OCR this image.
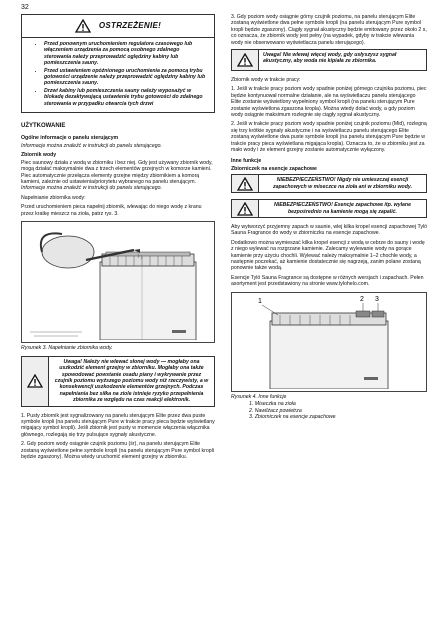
32
OSTRZEŻENIE!
• Przed ponownym uruchomieniem regulatora czasowego lub włączeniem urządzenia za pomocą osobnego zdalnego sterowania należy przeprowadzić oględziny kabiny lub pomieszczenia sauny.
• Przed ustawieniem opóźnionego uruchomienia za pomocą trybu gotowości urządzenie należy przeprowadzić oględziny kabiny lub pomieszczenia sauny.
• Drzwi kabiny lub pomieszczenia sauny należy wyposażyć w blokadę dezaktywującą ustawienie trybu gotowości do zdalnego sterowania w przypadku otwarcia tych drzwi
UŻYTKOWANIE
Ogólne informacje o panelu sterującym

Informacje można znaleźć w instrukcji do panelu sterującego.

Zbiornik wody

Piec saunowy działa z wodą w zbiorniku i bez niej. Gdy jest używany zbiornik wody, mogą działać maksymalnie dwa z trzech elementów grzejnych w komorze kamieni. Piec automatycznie przełącza elementy grzejne między zbiornikiem a komorą kamieni, zależnie od ustawienia/priorytetu wybranego na panelu sterującym. Informacje można znaleźć w instrukcji do panelu sterującego.

Napełnianie zbiornika wody:

Przed uruchomieniem pieca napełnij zbiornik, wlewając do niego wodę z kranu przez kratkę mieszcz na zioła, patrz rys. 3.

Rysunek 3. Napełnianie zbiornika wody.

Uwaga! Należy nie wlewać słonej wody — mogłaby ona uszkodzić element grzejny w zbiorniku. Mogłaby ona także spowodować powstanie osadu piany i wykrywanie przez czujnik poziomu wyższego poziomu wody niż rzeczywisty, a w konsekwencji uszkodzenie elementów grzejnych. Podczas napełniania bez siłka na ziole istnieje ryzyko przepełnienia zbiornika ze względu na czas reakcji elektronik.

1. Pusty zbiornik jest sygnalizowany na panelu sterującym Elite przez dwa puste symbole kropli (na panelu sterującym Pure w trakcie pracy pieca będzie wyświetlany migający symbol kropli). Jeśli zbiornik jest pusty w momencie włączenia włącznika głównego, rozlegają się trzy pulsujące sygnały akustyczne.

2. Gdy poziom wody osiągnie czujnik poziomu (śr), na panelu sterującym Elite zostaną wyświetlone pełne symbole kropli (na panelu sterującym Pure symbol kropli będzie zgaszony). Można wtedy uruchomić element grzejny w zbiorniku.

3. Gdy poziom wody osiągnie górny czujnik poziomu, na panelu sterującym Elite zostaną wyświetlone dwa pełne symbole kropli (na panelu sterującym Pure symbol kropli będzie zgaszony). Ciągły sygnał akustyczny będzie emitowany przez około 2 s, co oznacza, że zbiornik wody jest pełny (na wypadek, gdyby w trakcie wlewania wody nie obserwowano wyświetlacza panelu sterującego).

Uwaga! Nie wlewaj więcej wody, gdy usłyszysz sygnał akustyczny, aby woda nie kipiała ze zbiornika.

Zbiornik wody w trakcie pracy:

1. Jeśli w trakcie pracy poziom wody spadnie poniżej górnego czujnika poziomu, piec będzie kontynuował normalne działanie, ale na wyświetlaczu panelu sterującego Elite zostanie wyświetlony wypełniony symbol kropli (na panelu sterującym Pure zostanie wyświetlona zgaszona kropla). Można wtedy dolać wody, a gdy poziom wody osiągnie maksimum rozlegnie się ciągły sygnał akustyczny.

2. Jeśli w trakcie pracy poziom wody spadnie poniżej czujnik poziomu (Mid), rozlegną się trzy krótkie sygnały akustyczne i na wyświetlaczu panelu sterującego Elite zostaną wyświetlone dwa puste symbole kropli (na panelu sterującym Pure będzie w trakcie pracy pieca wyświetlana migająca kropla). Oznacza to, że w zbiorniku jest za mało wody i że element grzejny zostanie automatycznie wyłączony.

Inne funkcje
Zbiorniczek na esencje zapachowe
NIEBEZPIECZEŃSTWO! Nigdy nie umieszczaj esencji zapachowych w miseczce na zioła ani w zbiorniku wody.
NIEBEZPIECZEŃSTWO! Esencje zapachowe itp. wylane bezpośrednio na kamienie mogą się zapalić.

Aby wytworzyć przyjemny zapach w saunie, wlej kilka kropel esencji zapachowej Tylö Sauna Fragrance do wody w zbiorniczku na esencje zapachowe.

Dodatkowo można wymieszać kilka kropel esencji z wodą w cebrze do sauny i wodę z niego wylewać na rozgrzane kamienie. Zalecamy wylewanie wody na gorące kamienie przy użyciu chochli. Wylewać należy maksymalnie 1–2 chochle wody, a następnie poczekać, aż kamienie dostatecznie się nagrzeją, zanim polane zostaną ponownie także wodą.

Esencje Tylö Sauna Fragrance są dostępne w różnych wersjach i zapachach. Pełen asortyment jest przedstawiony na stronie www.tylohelo.com.

1	2 3

Rysunek 4. Inne funkcje

1. Miseczka na zioła
2. Nawilżacz powietrza
3. Zbiorniczek na esencje zapachowe
